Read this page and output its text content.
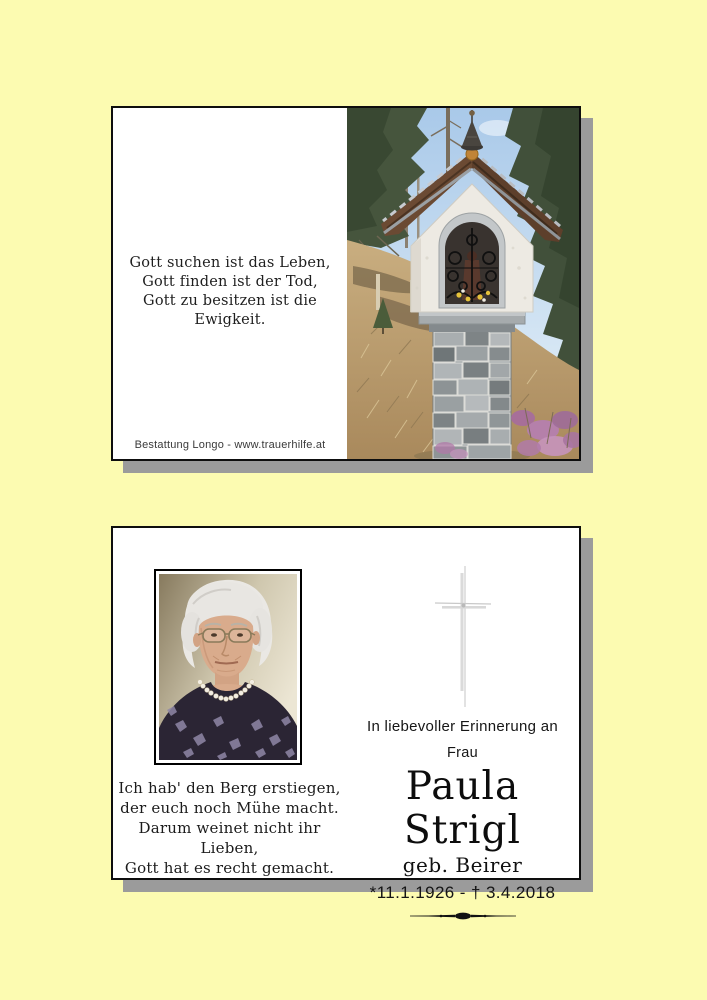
Gott suchen ist das Leben,
Gott finden ist der Tod,
Gott zu besitzen ist die Ewigkeit.
Bestattung Longo - www.trauerhilfe.at
Ich hab' den Berg erstiegen,
der euch noch Mühe macht.
Darum weinet nicht ihr Lieben,
Gott hat es recht gemacht.

In liebevoller Erinnerung an

Frau

Paula Strigl

geb. Beirer

*11.1.1926 - † 3.4.2018
